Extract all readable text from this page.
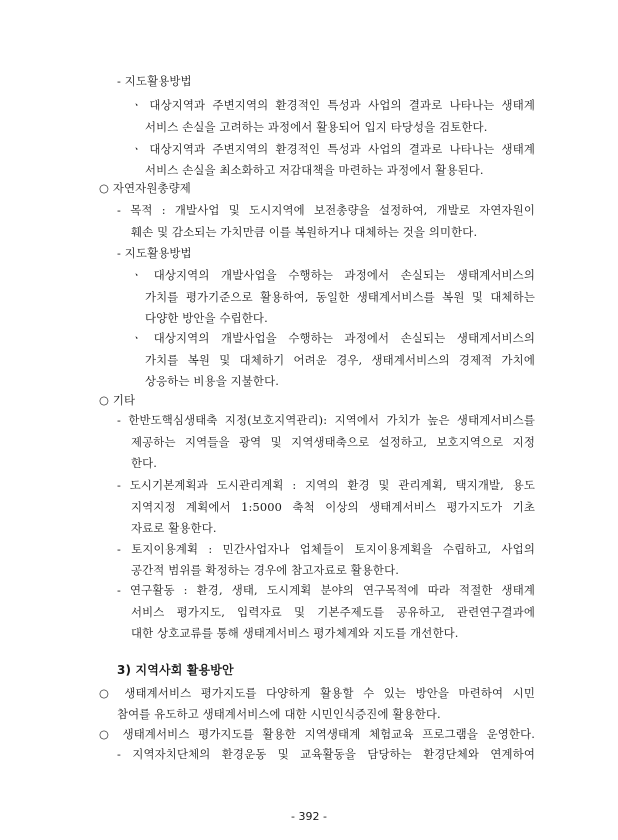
- 지도활용방법
ㆍ 대상지역과 주변지역의 환경적인 특성과 사업의 결과로 나타나는 생태계
서비스 손실을 고려하는 과정에서 활용되어 입지 타당성을 검토한다.
ㆍ 대상지역과 주변지역의 환경적인 특성과 사업의 결과로 나타나는 생태계
서비스 손실을 최소화하고 저감대책을 마련하는 과정에서 활용된다.
○ 자연자원총량제
- 목적 : 개발사업 및 도시지역에 보전총량을 설정하여, 개발로 자연자원이
훼손 및 감소되는 가치만큼 이를 복원하거나 대체하는 것을 의미한다.
- 지도활용방법
ㆍ 대상지역의 개발사업을 수행하는 과정에서 손실되는 생태계서비스의
가치를 평가기준으로 활용하여, 동일한 생태계서비스를 복원 및 대체하는
다양한 방안을 수립한다.
ㆍ 대상지역의 개발사업을 수행하는 과정에서 손실되는 생태계서비스의
가치를 복원 및 대체하기 어려운 경우, 생태계서비스의 경제적 가치에
상응하는 비용을 지불한다.
○ 기타
- 한반도핵심생태축 지정(보호지역관리): 지역에서 가치가 높은 생태계서비스를
제공하는 지역들을 광역 및 지역생태축으로 설정하고, 보호지역으로 지정
한다.
- 도시기본계획과 도시관리계획 : 지역의 환경 및 관리계획, 택지개발, 용도
지역지정 계획에서 1:5000 축척 이상의 생태계서비스 평가지도가 기초
자료로 활용한다.
- 토지이용계획 : 민간사업자나 업체들이 토지이용계획을 수립하고, 사업의
공간적 범위를 확정하는 경우에 참고자료로 활용한다.
- 연구활동 : 환경, 생태, 도시계획 분야의 연구목적에 따라 적절한 생태계
서비스 평가지도, 입력자료 및 기본주제도를 공유하고, 관련연구결과에
대한 상호교류를 통해 생태계서비스 평가체계와 지도를 개선한다.
3) 지역사회 활용방안
○ 생태계서비스 평가지도를 다양하게 활용할 수 있는 방안을 마련하여 시민
참여를 유도하고 생태계서비스에 대한 시민인식증진에 활용한다.
○ 생태계서비스 평가지도를 활용한 지역생태계 체험교육 프로그램을 운영한다.
- 지역자치단체의 환경운동 및 교육활동을 담당하는 환경단체와 연계하여
- 392 -
